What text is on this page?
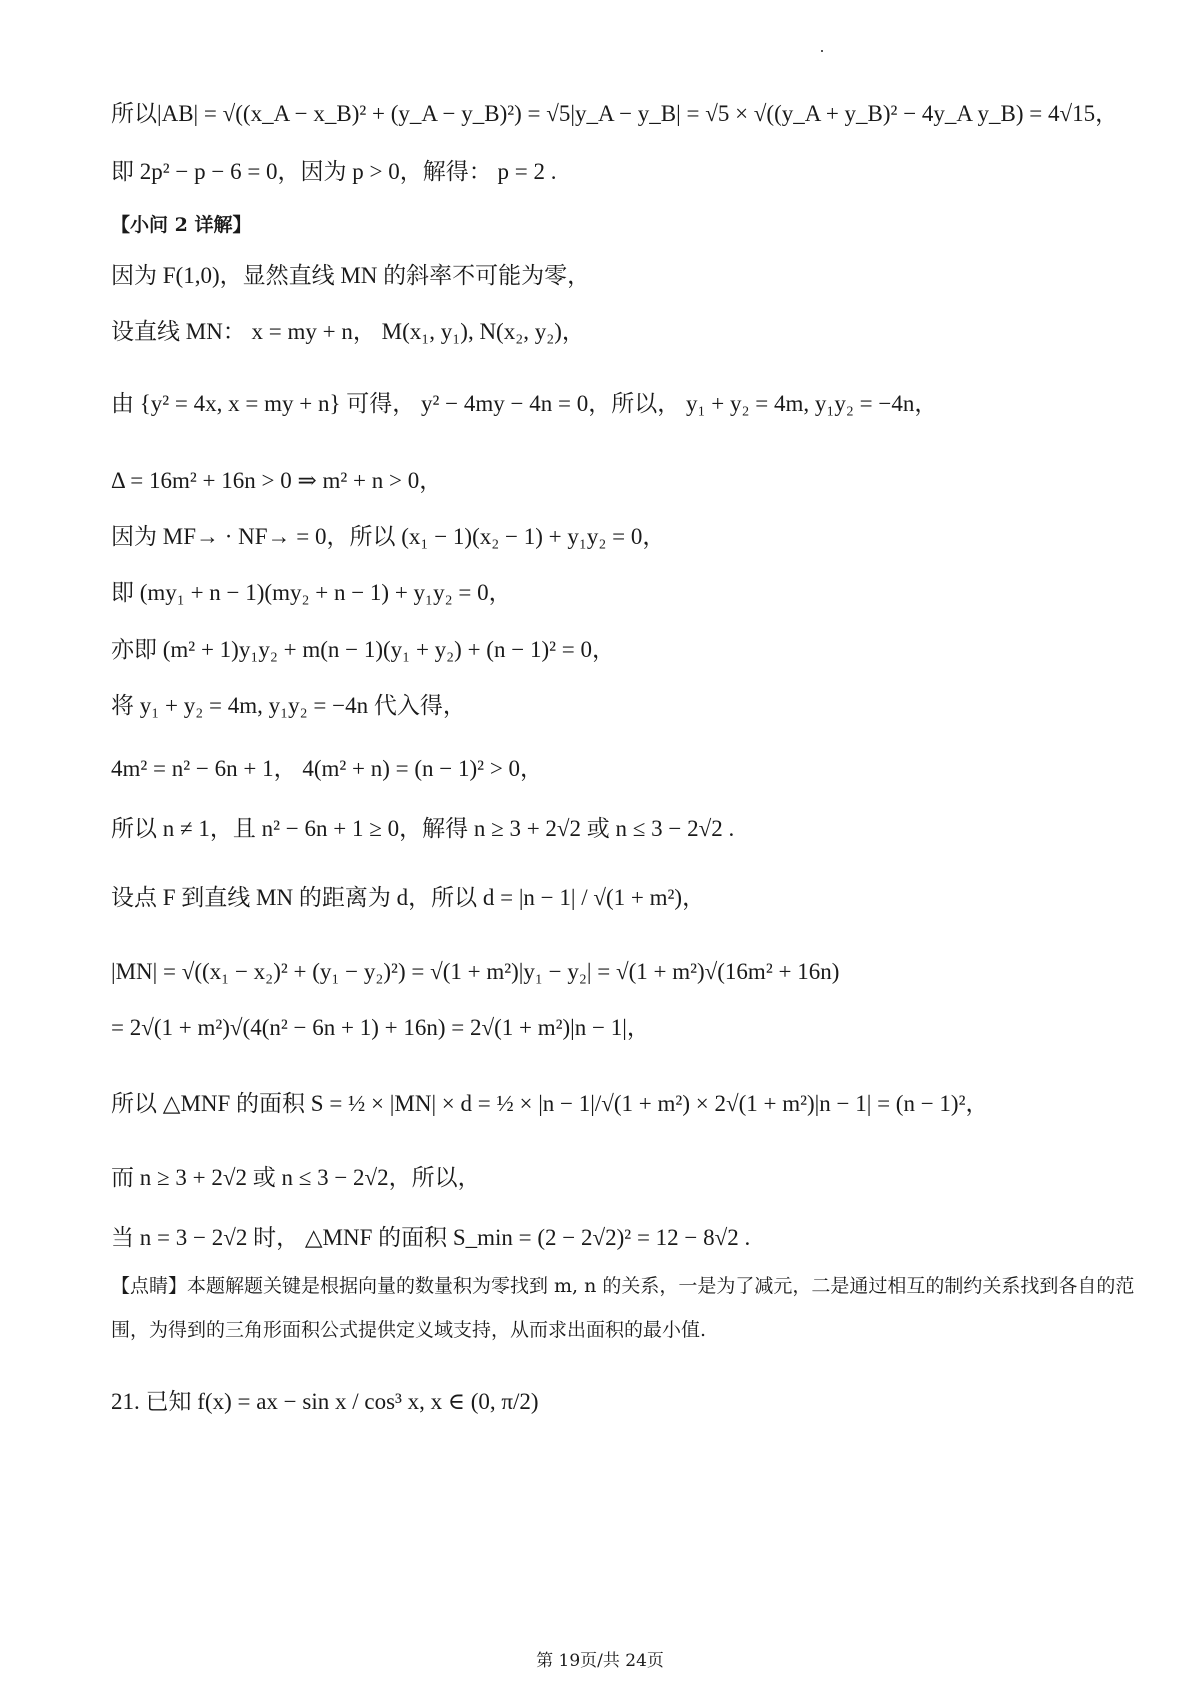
所以|AB| = √((x_A − x_B)² + (y_A − y_B)²) = √5|y_A − y_B| = √5 × √((y_A + y_B)² − 4y_A y_B) = 4√15，
即 2p² − p − 6 = 0，因为 p > 0，解得： p = 2 .
【小问 2 详解】
因为 F(1,0)，显然直线 MN 的斜率不可能为零，
设直线 MN： x = my + n， M(x₁, y₁), N(x₂, y₂)，
由 {y² = 4x, x = my + n} 可得， y² − 4my − 4n = 0，所以， y₁ + y₂ = 4m, y₁y₂ = −4n，
Δ = 16m² + 16n > 0 ⇒ m² + n > 0，
因为 MF→ · NF→ = 0，所以 (x₁ − 1)(x₂ − 1) + y₁y₂ = 0，
即 (my₁ + n − 1)(my₂ + n − 1) + y₁y₂ = 0，
亦即 (m² + 1)y₁y₂ + m(n − 1)(y₁ + y₂) + (n − 1)² = 0，
将 y₁ + y₂ = 4m, y₁y₂ = −4n 代入得，
4m² = n² − 6n + 1， 4(m² + n) = (n − 1)² > 0，
所以 n ≠ 1，且 n² − 6n + 1 ≥ 0，解得 n ≥ 3 + 2√2 或 n ≤ 3 − 2√2 .
设点 F 到直线 MN 的距离为 d，所以 d = |n − 1| / √(1 + m²)，
|MN| = √((x₁ − x₂)² + (y₁ − y₂)²) = √(1 + m²)|y₁ − y₂| = √(1 + m²)√(16m² + 16n)
= 2√(1 + m²)√(4(n² − 6n + 1) + 16n) = 2√(1 + m²)|n − 1|，
所以 △MNF 的面积 S = ½ × |MN| × d = ½ × |n − 1|/√(1 + m²) × 2√(1 + m²)|n − 1| = (n − 1)²，
而 n ≥ 3 + 2√2 或 n ≤ 3 − 2√2，所以，
当 n = 3 − 2√2 时， △MNF 的面积 S_min = (2 − 2√2)² = 12 − 8√2 .
【点睛】本题解题关键是根据向量的数量积为零找到 m, n 的关系，一是为了减元，二是通过相互的制约关系找到各自的范围，为得到的三角形面积公式提供定义域支持，从而求出面积的最小值.
21. 已知 f(x) = ax − sin x / cos³ x, x ∈ (0, π/2)
第 19页/共 24页
